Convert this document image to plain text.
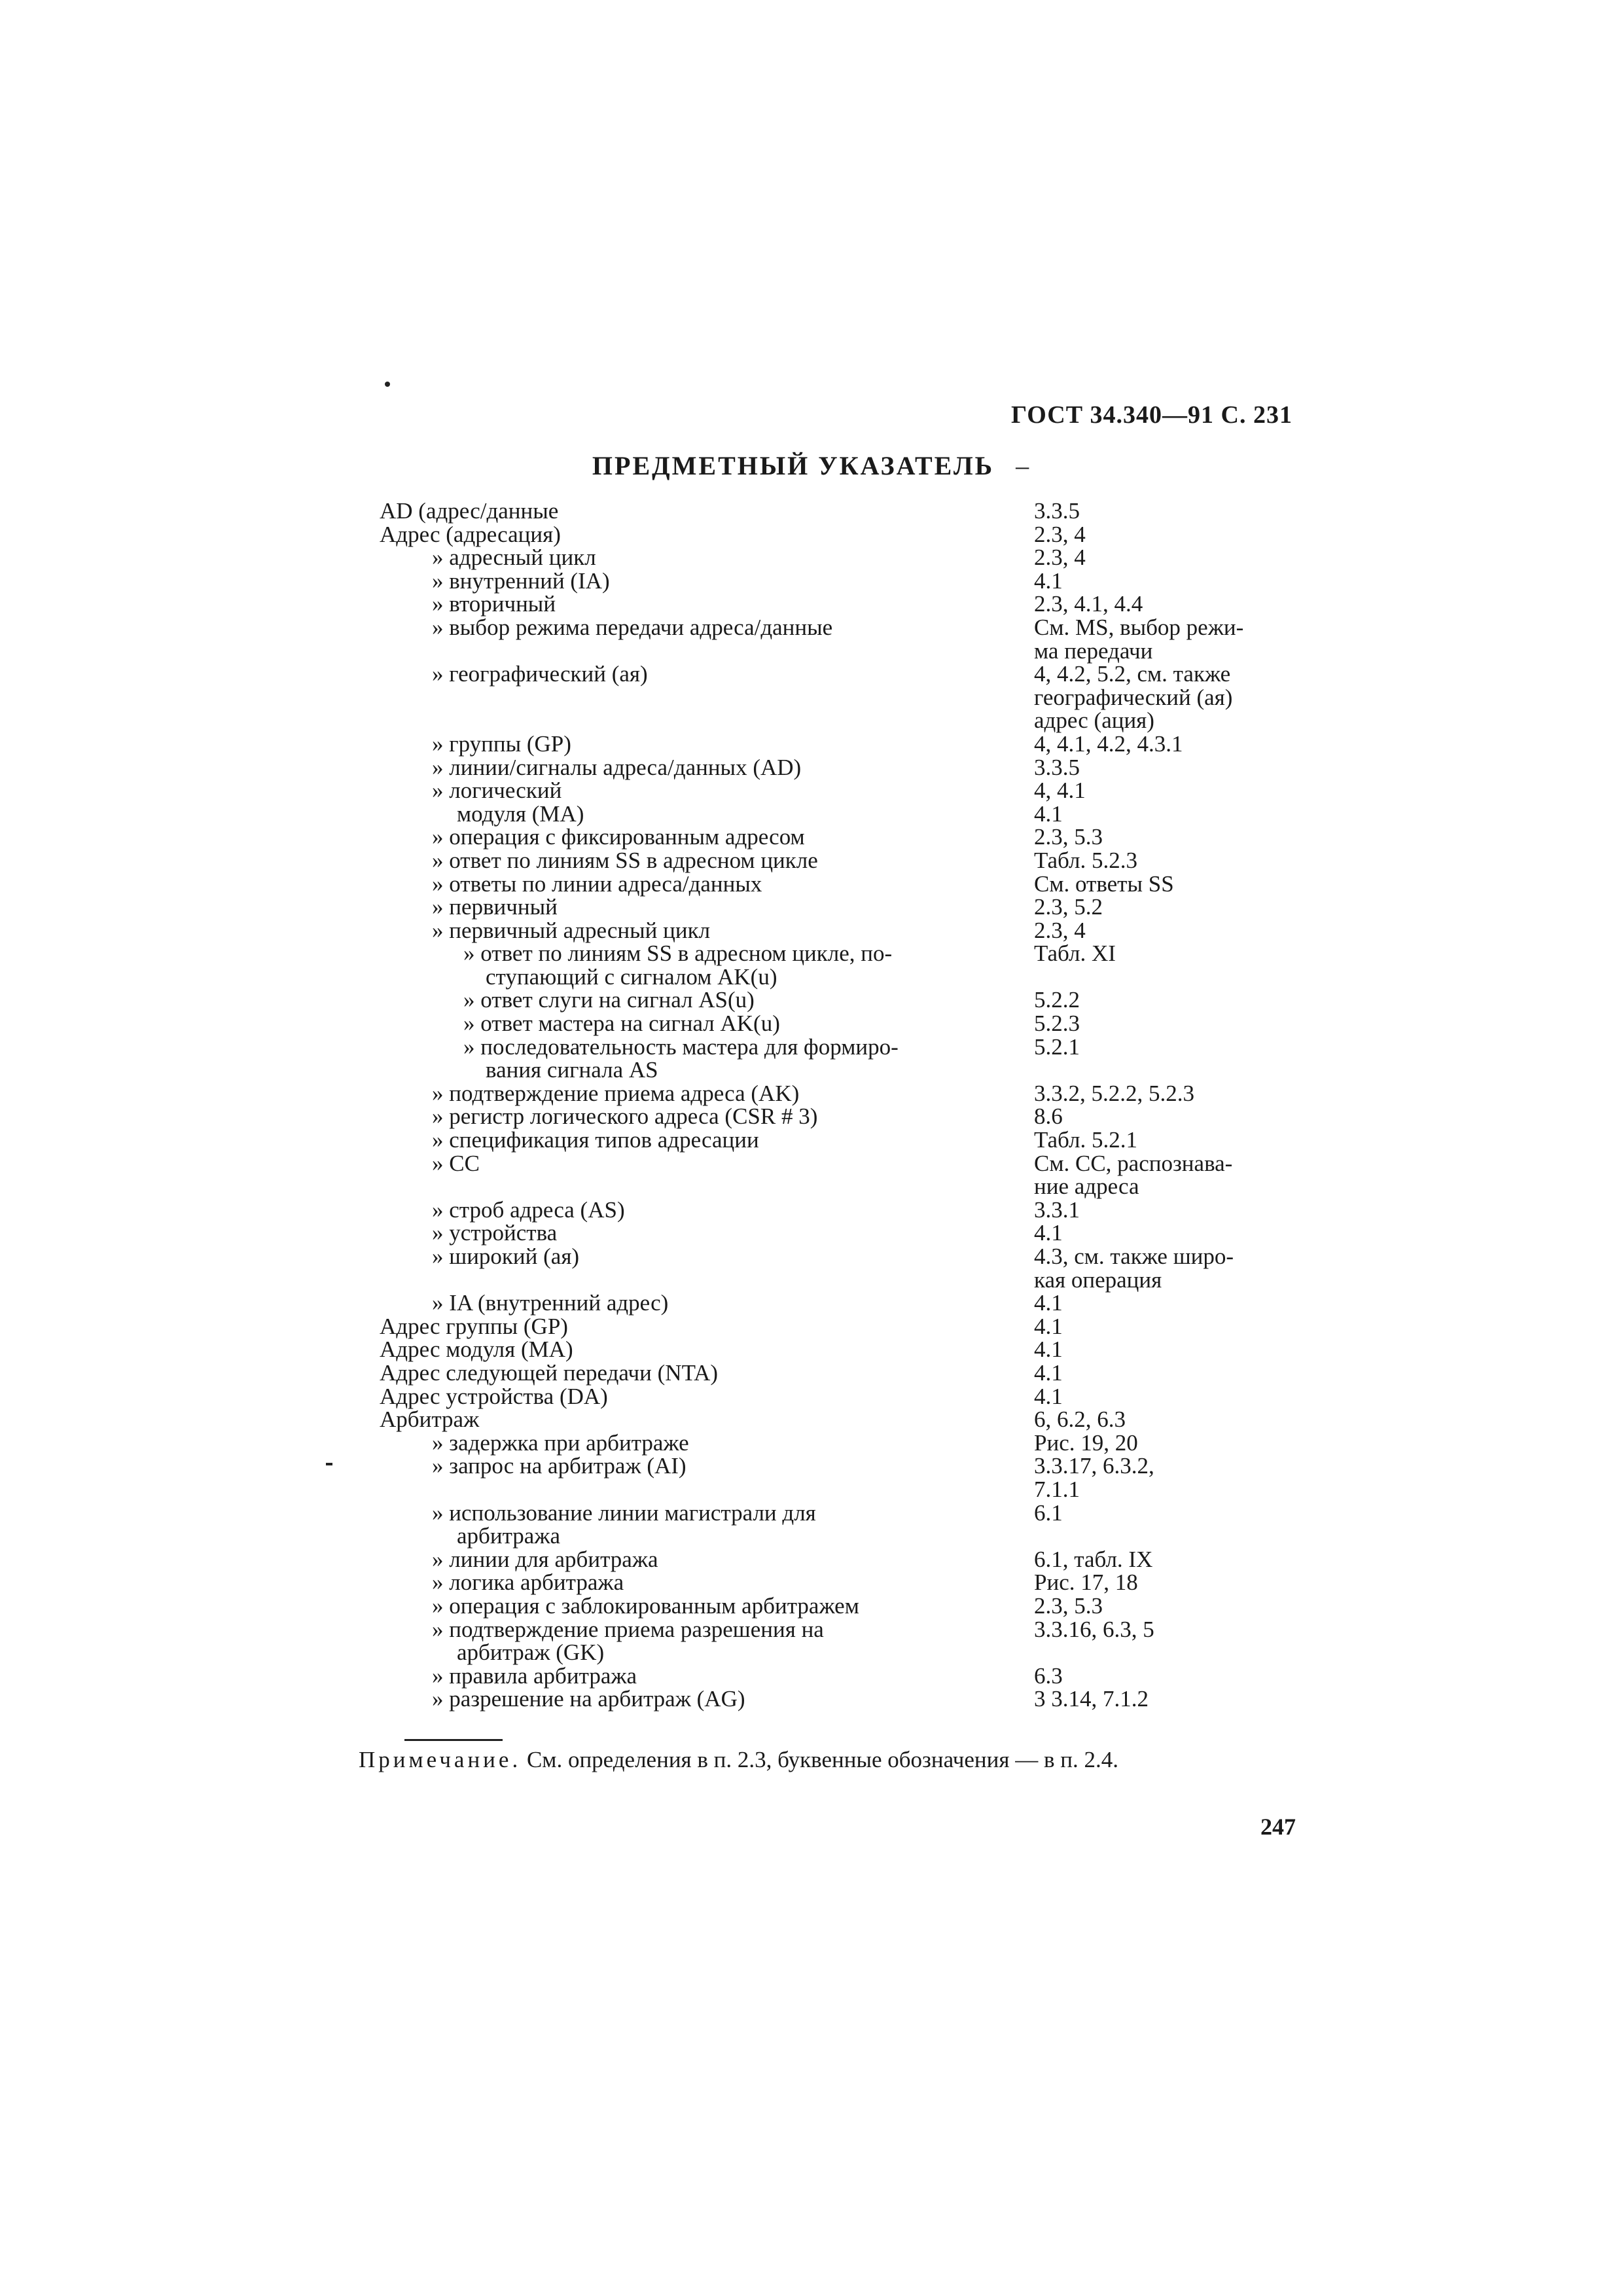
ГОСТ 34.340—91 С. 231
ПРЕДМЕТНЫЙ УКАЗАТЕЛЬ –
AD (адрес/данные	3.3.5
Адрес (адресация)	2.3, 4
» адресный цикл	2.3, 4
» внутренний (IA)	4.1
» вторичный	2.3, 4.1, 4.4
» выбор режима передачи адреса/данные	См. MS, выбор режи-
ма передачи
» географический (ая)	4, 4.2, 5.2, см. также
географический (ая)
адрес (ация)
» группы (GP)	4, 4.1, 4.2, 4.3.1
» линии/сигналы адреса/данных (AD)	3.3.5
» логический	4, 4.1
модуля (MA)	4.1
» операция с фиксированным адресом	2.3, 5.3
» ответ по линиям SS в адресном цикле	Табл. 5.2.3
» ответы по линии адреса/данных	См. ответы SS
» первичный	2.3, 5.2
» первичный адресный цикл	2.3, 4
» ответ по линиям SS в адресном цикле, по-	Табл. XI
ступающий с сигналом AK(u)
» ответ слуги на сигнал AS(u)	5.2.2
» ответ мастера на сигнал AK(u)	5.2.3
» последовательность мастера для формиро-	5.2.1
вания сигнала AS
» подтверждение приема адреса (AK)	3.3.2, 5.2.2, 5.2.3
» регистр логического адреса (CSR # 3)	8.6
» спецификация типов адресации	Табл. 5.2.1
» CC	См. CC, распознава-
ние адреса
» строб адреса (AS)	3.3.1
» устройства	4.1
» широкий (ая)	4.3, см. также широ-
кая операция
» IA (внутренний адрес)	4.1
Адрес группы (GP)	4.1
Адрес модуля (MA)	4.1
Адрес следующей передачи (NTA)	4.1
Адрес устройства (DA)	4.1
Арбитраж	6, 6.2, 6.3
» задержка при арбитраже	Рис. 19, 20
» запрос на арбитраж (AI)	3.3.17, 6.3.2,
7.1.1
» использование линии магистрали для	6.1
арбитража
» линии для арбитража	6.1, табл. IX
» логика арбитража	Рис. 17, 18
» операция с заблокированным арбитражем	2.3, 5.3
» подтверждение приема разрешения на	3.3.16, 6.3, 5
арбитраж (GK)
» правила арбитража	6.3
» разрешение на арбитраж (AG)	3 3.14, 7.1.2
Примечание. См. определения в п. 2.3, буквенные обозначения — в п. 2.4.
247
